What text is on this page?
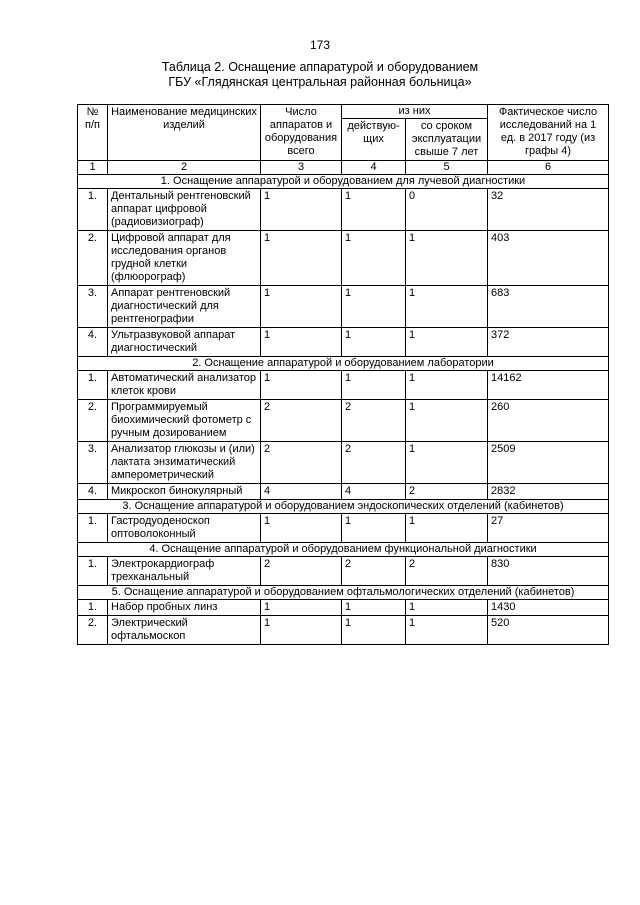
173
Таблица 2. Оснащение аппаратурой и оборудованием
ГБУ «Глядянская центральная районная больница»
№ п/п	Наименование медицинских изделий	Число аппаратов и оборудования всего	из них		Фактическое число исследований на 1 ед. в 2017 году (из графы 4)
			действую-щих	со сроком эксплуатации свыше 7 лет	
1	2	3	4	5	6
1. Оснащение аппаратурой и оборудованием для лучевой диагностики					
1.	Дентальный рентгеновский аппарат цифровой (радиовизиограф)	1	1	0	32
2.	Цифровой аппарат для исследования органов грудной клетки (флюорограф)	1	1	1	403
3.	Аппарат рентгеновский диагностический для рентгенографии	1	1	1	683
4.	Ультразвуковой аппарат диагностический	1	1	1	372
2. Оснащение аппаратурой и оборудованием лаборатории					
1.	Автоматический анализатор клеток крови	1	1	1	14162
2.	Программируемый биохимический фотометр с ручным дозированием	2	2	1	260
3.	Анализатор глюкозы и (или) лактата энзиматический амперометрический	2	2	1	2509
4.	Микроскоп бинокулярный	4	4	2	2832
3. Оснащение аппаратурой и оборудованием эндоскопических отделений (кабинетов)					
1.	Гастродуоденоскоп оптоволоконный	1	1	1	27
4. Оснащение аппаратурой и оборудованием функциональной диагностики					
1.	Электрокардиограф трехканальный	2	2	2	830
5. Оснащение аппаратурой и оборудованием офтальмологических отделений (кабинетов)					
1.	Набор пробных линз	1	1	1	1430
2.	Электрический офтальмоскоп	1	1	1	520
